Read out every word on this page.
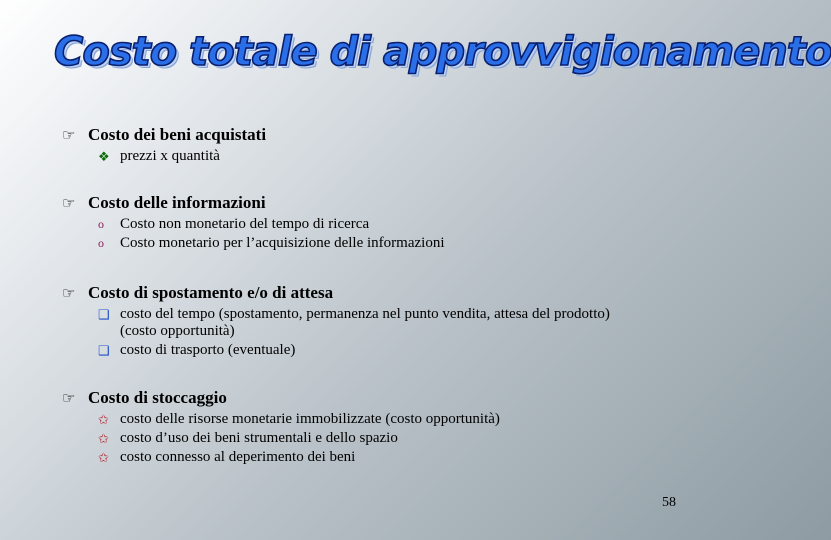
Costo totale di approvvigionamento
☞ Costo dei beni acquistati
❖ prezzi x quantità
☞ Costo delle informazioni
o	Costo non monetario del tempo di ricerca
o	Costo monetario per l’acquisizione delle informazioni
☞ Costo di spostamento e/o di attesa
❑ costo del tempo (spostamento, permanenza nel punto vendita, attesa del prodotto) (costo opportunità)
❑ costo di trasporto (eventuale)
☞ Costo di stoccaggio
✩ costo delle risorse monetarie immobilizzate (costo opportunità)
✩ costo d’uso dei beni strumentali e dello spazio
✩ costo connesso al deperimento dei beni
58
